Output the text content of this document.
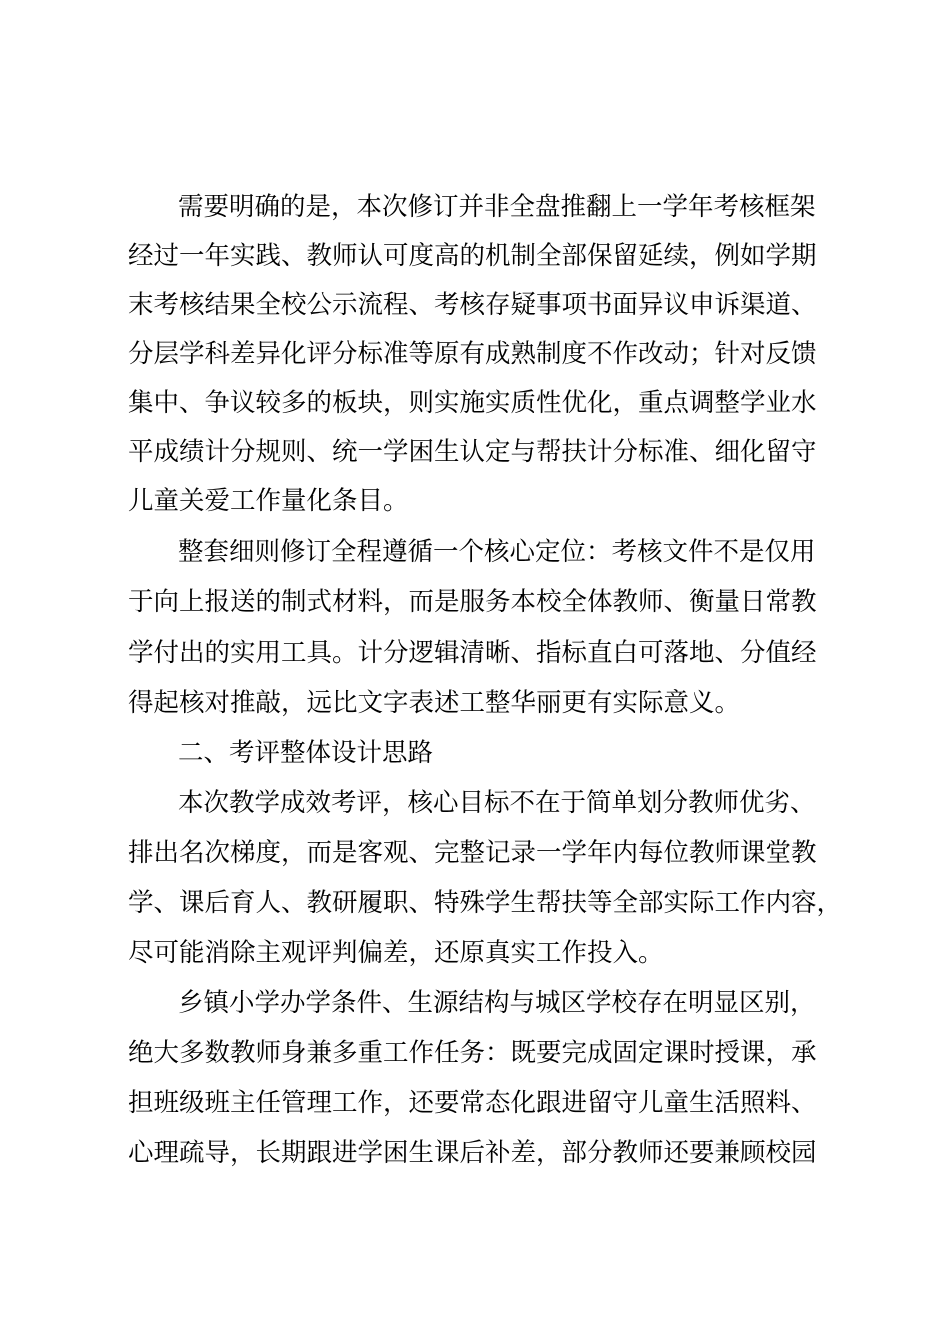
需要明确的是，本次修订并非全盘推翻上一学年考核框架
经过一年实践、教师认可度高的机制全部保留延续，例如学期
末考核结果全校公示流程、考核存疑事项书面异议申诉渠道、
分层学科差异化评分标准等原有成熟制度不作改动；针对反馈
集中、争议较多的板块，则实施实质性优化，重点调整学业水
平成绩计分规则、统一学困生认定与帮扶计分标准、细化留守
儿童关爱工作量化条目。
整套细则修订全程遵循一个核心定位：考核文件不是仅用
于向上报送的制式材料，而是服务本校全体教师、衡量日常教
学付出的实用工具。计分逻辑清晰、指标直白可落地、分值经
得起核对推敲，远比文字表述工整华丽更有实际意义。
二、考评整体设计思路
本次教学成效考评，核心目标不在于简单划分教师优劣、
排出名次梯度，而是客观、完整记录一学年内每位教师课堂教
学、课后育人、教研履职、特殊学生帮扶等全部实际工作内容，
尽可能消除主观评判偏差，还原真实工作投入。
乡镇小学办学条件、生源结构与城区学校存在明显区别，
绝大多数教师身兼多重工作任务：既要完成固定课时授课，承
担班级班主任管理工作，还要常态化跟进留守儿童生活照料、
心理疏导，长期跟进学困生课后补差，部分教师还要兼顾校园
